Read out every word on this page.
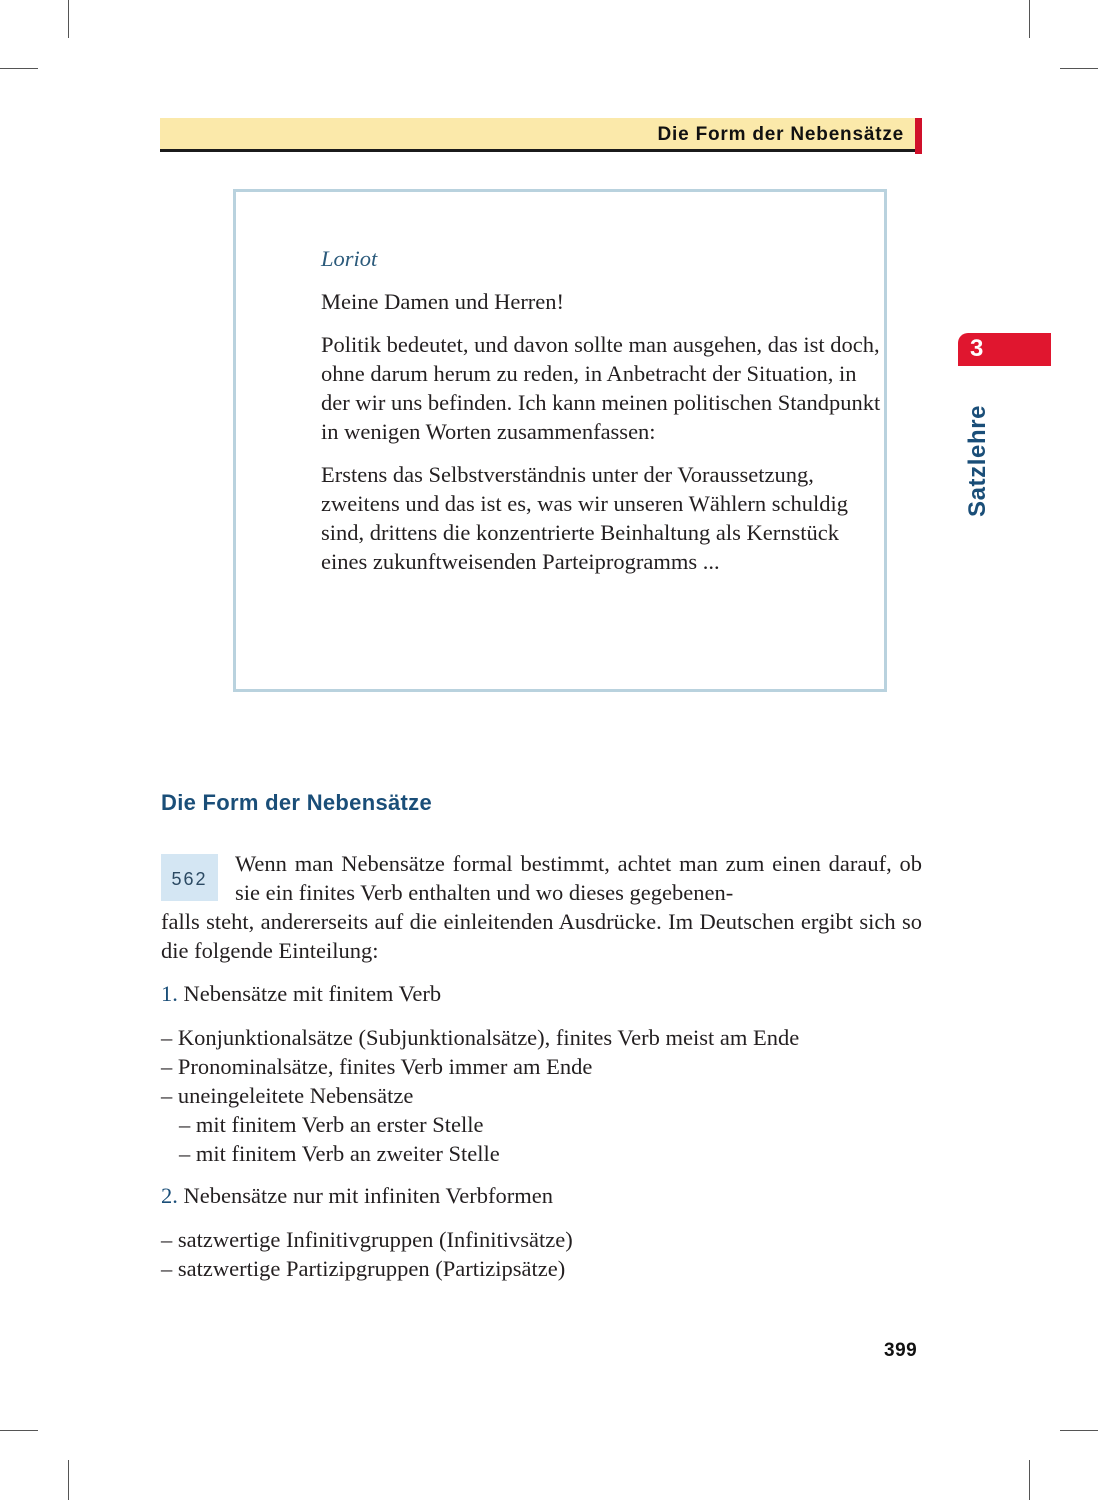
Die Form der Nebensätze
3
Satzlehre

Loriot

Meine Damen und Herren!

Politik bedeutet, und davon sollte man ausgehen, das ist doch, ohne darum herum zu reden, in Anbetracht der Situation, in der wir uns befinden. Ich kann meinen politischen Standpunkt in wenigen Worten zusammenfassen:

Erstens das Selbstverständnis unter der Voraussetzung, zweitens und das ist es, was wir unseren Wählern schuldig sind, drittens die konzentrierte Beinhaltung als Kernstück eines zukunftweisenden Parteiprogramms ...

Die Form der Nebensätze
562
Wenn man Nebensätze formal bestimmt, achtet man zum einen darauf, ob sie ein finites Verb enthalten und wo dieses gegebenen-
falls steht, andererseits auf die einleitenden Ausdrücke. Im Deutschen ergibt sich so die folgende Einteilung:
1. Nebensätze mit finitem Verb
– Konjunktionalsätze (Subjunktionalsätze), finites Verb meist am Ende
– Pronominalsätze, finites Verb immer am Ende
– uneingeleitete Nebensätze
– mit finitem Verb an erster Stelle
– mit finitem Verb an zweiter Stelle
2. Nebensätze nur mit infiniten Verbformen
– satzwertige Infinitivgruppen (Infinitivsätze)
– satzwertige Partizipgruppen (Partizipsätze)
399
